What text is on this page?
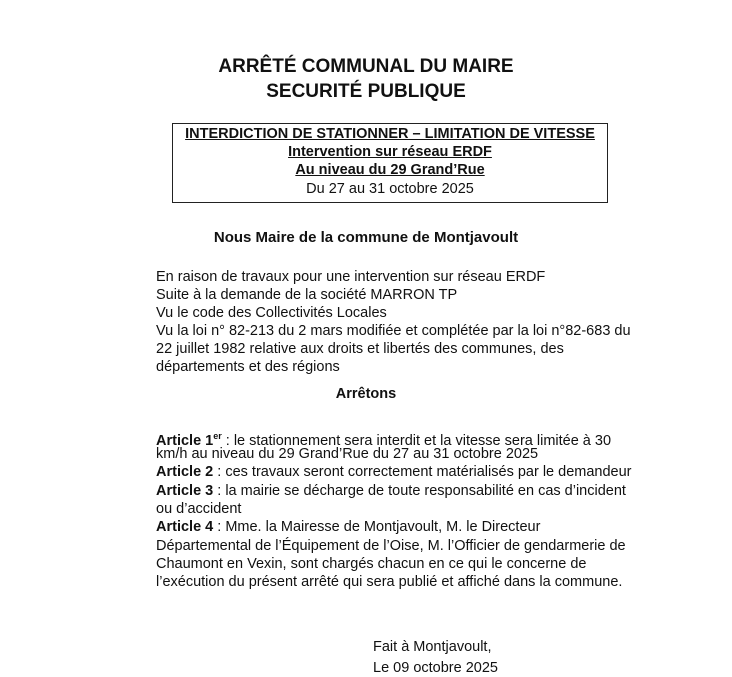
ARRÊTÉ COMMUNAL DU MAIRE
SECURITÉ PUBLIQUE
INTERDICTION DE STATIONNER – LIMITATION DE VITESSE
Intervention sur réseau ERDF
Au niveau du 29 Grand’Rue
Du 27 au 31 octobre 2025
Nous Maire de la commune de Montjavoult
En raison de travaux pour une intervention sur réseau ERDF
Suite à la demande de la société MARRON TP
Vu le code des Collectivités Locales
Vu la loi n° 82-213 du 2 mars modifiée et complétée par la loi n°82-683 du
22 juillet 1982 relative aux droits et libertés des communes, des
départements et des régions
Arrêtons
Article 1er : le stationnement sera interdit et la vitesse sera limitée à 30
km/h au niveau du 29 Grand’Rue du 27 au 31 octobre 2025
Article 2 : ces travaux seront correctement matérialisés par le demandeur
Article 3 : la mairie se décharge de toute responsabilité en cas d’incident
ou d’accident
Article 4 : Mme. la Mairesse de Montjavoult, M. le Directeur
Départemental de l’Équipement de l’Oise, M. l’Officier de gendarmerie de
Chaumont en Vexin, sont chargés chacun en ce qui le concerne de
l’exécution du présent arrêté qui sera publié et affiché dans la commune.
Fait à Montjavoult,
Le 09 octobre 2025
